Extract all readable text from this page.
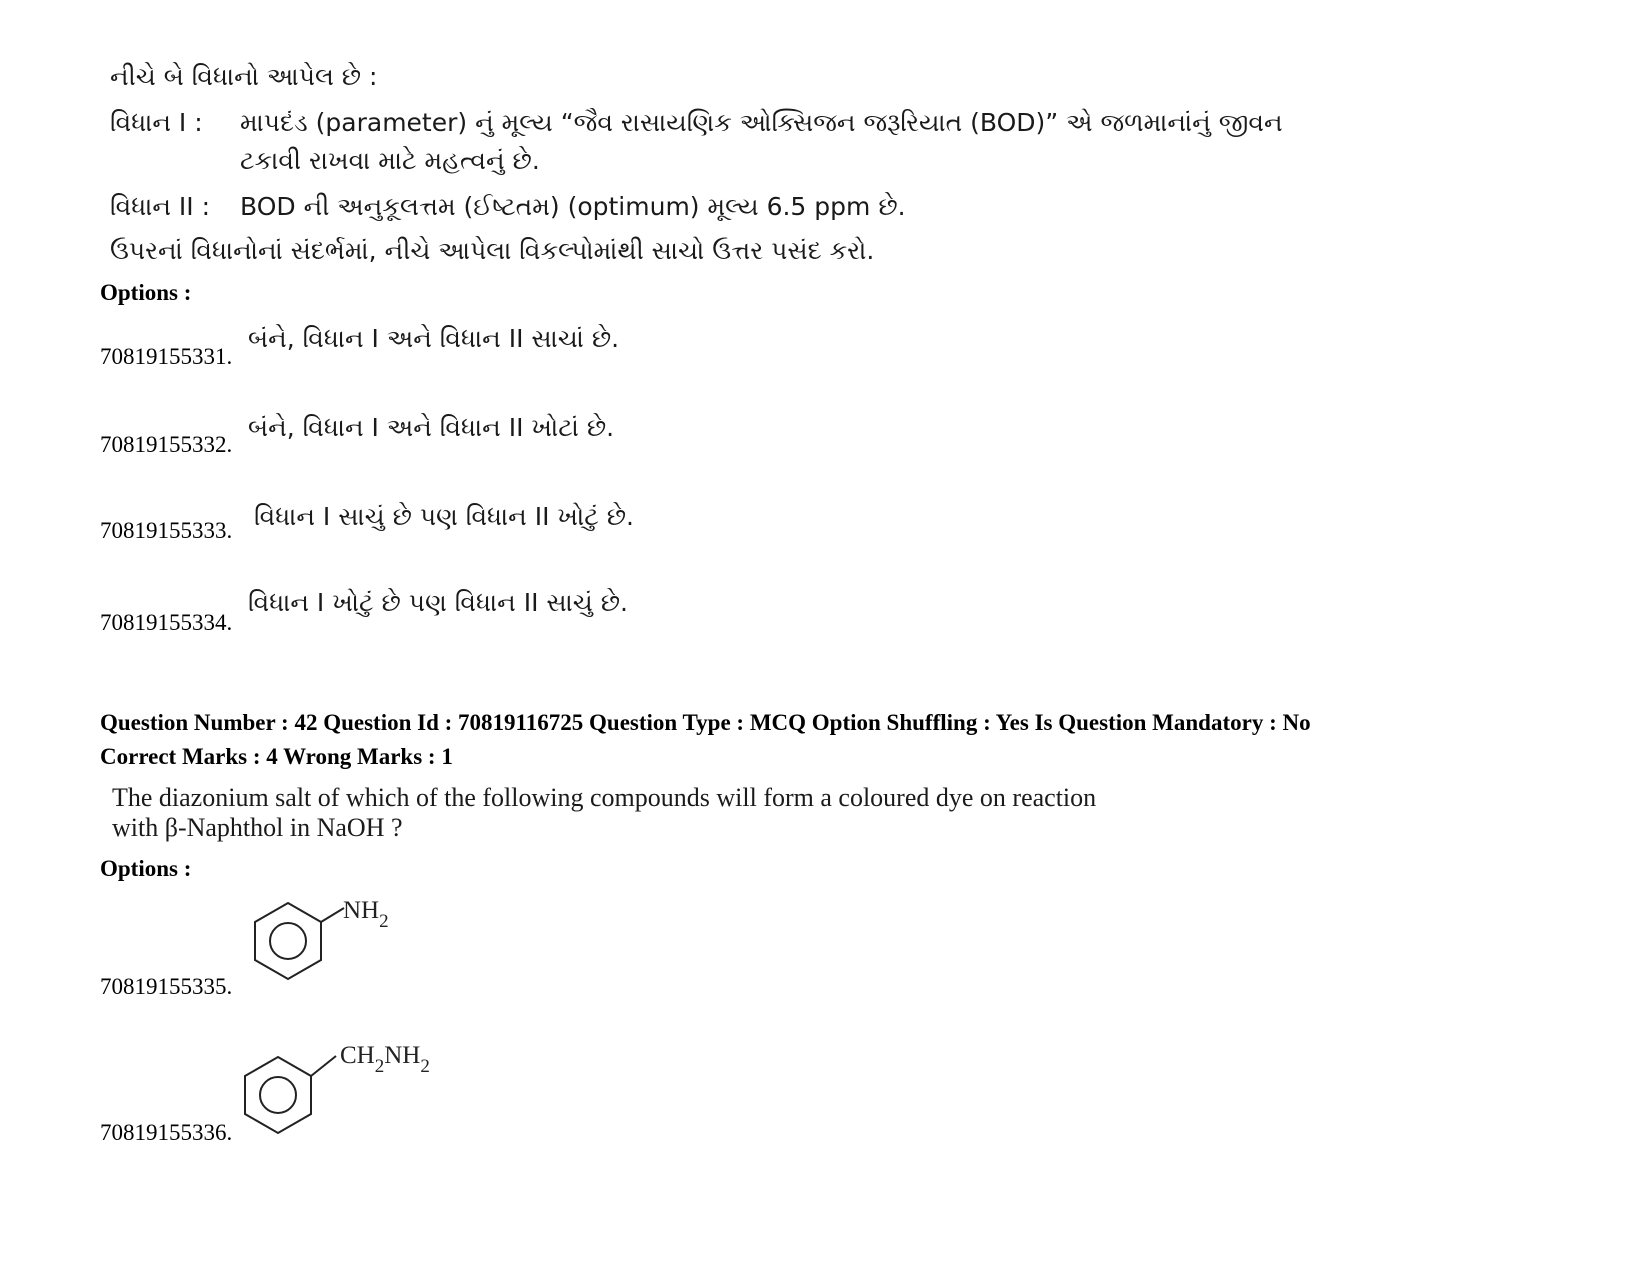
નીચે બે વિધાનો આપેલ છે :
વિધાન I : માપદંડ (parameter) નું મૂલ્ય “જૈવ રાસાયણિક ઓક્સિજન જરૂરિયાત (BOD)” એ જળમાનાંનું જીવન
ટકાવી રાખવા માટે મહત્વનું છે.
વિધાન II : BOD ની અનુકૂલત્તમ (ઈષ્ટતમ) (optimum) મૂલ્ય 6.5 ppm છે.
ઉપરનાં વિધાનોનાં સંદર્ભમાં, નીચે આપેલા વિકલ્પોમાંથી સાચો ઉત્તર પસંદ કરો.
Options :
બંને, વિધાન I અને વિધાન II સાચાં છે.
70819155331.
બંને, વિધાન I અને વિધાન II ખોટાં છે.
70819155332.
વિધાન I સાચું છે પણ વિધાન II ખોટું છે.
70819155333.
વિધાન I ખોટું છે પણ વિધાન II સાચું છે.
70819155334.
Question Number : 42 Question Id : 70819116725 Question Type : MCQ Option Shuffling : Yes Is Question Mandatory : No
Correct Marks : 4 Wrong Marks : 1
The diazonium salt of which of the following compounds will form a coloured dye on reaction
with β-Naphthol in NaOH ?
Options :
$NH_2$
70819155335.
$CH_2NH_2$
70819155336.
